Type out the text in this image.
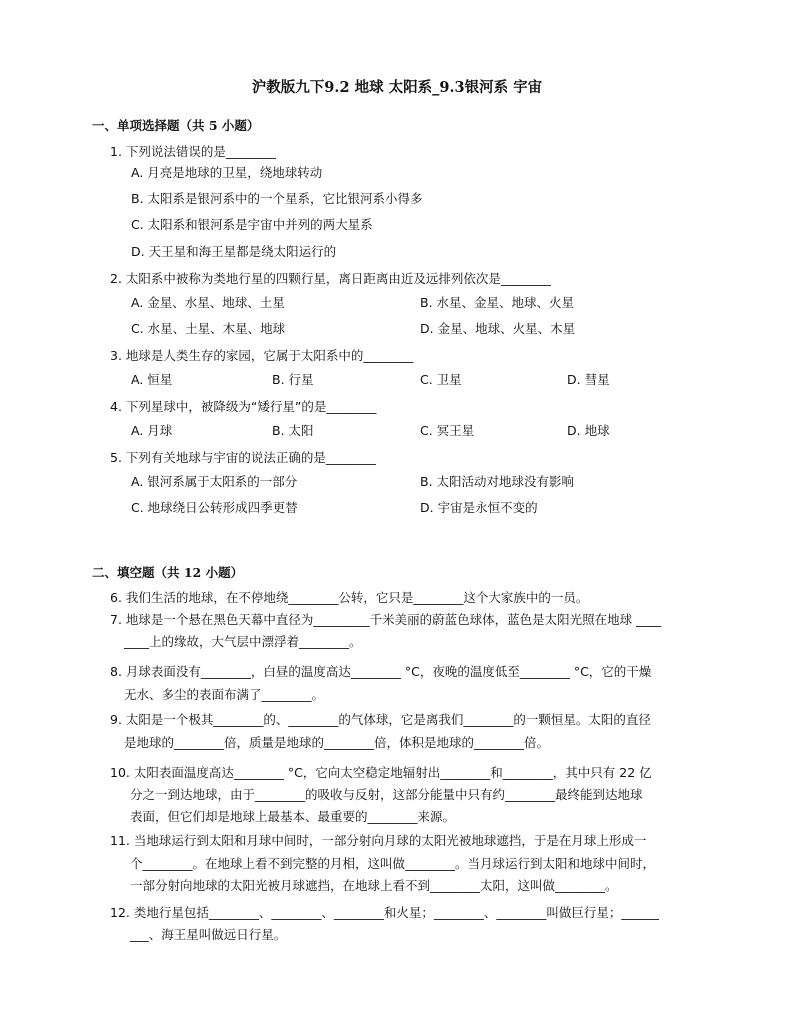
沪教版九下9.2 地球 太阳系_9.3银河系 宇宙
一、单项选择题（共 5 小题）
1. 下列说法错误的是________
A. 月亮是地球的卫星，绕地球转动
B. 太阳系是银河系中的一个星系，它比银河系小得多
C. 太阳系和银河系是宇宙中并列的两大星系
D. 天王星和海王星都是绕太阳运行的
2. 太阳系中被称为类地行星的四颗行星，离日距离由近及远排列依次是________
A. 金星、水星、地球、土星	B. 水星、金星、地球、火星
C. 水星、土星、木星、地球	D. 金星、地球、火星、木星
3. 地球是人类生存的家园，它属于太阳系中的________
A. 恒星	B. 行星	C. 卫星	D. 彗星
4. 下列星球中，被降级为“矮行星”的是________
A. 月球	B. 太阳	C. 冥王星	D. 地球
5. 下列有关地球与宇宙的说法正确的是________
A. 银河系属于太阳系的一部分	B. 太阳活动对地球没有影响
C. 地球绕日公转形成四季更替	D. 宇宙是永恒不变的
二、填空题（共 12 小题）
6. 我们生活的地球，在不停地绕________公转，它只是________这个大家族中的一员。
7. 地球是一个悬在黑色天幕中直径为_________千米美丽的蔚蓝色球体，蓝色是太阳光照在地球 ____
____上的缘故，大气层中漂浮着________。
8. 月球表面没有________，白昼的温度高达________ °C，夜晚的温度低至________ °C，它的干燥
无水、多尘的表面布满了________。
9. 太阳是一个极其________的、________的气体球，它是离我们________的一颗恒星。太阳的直径
是地球的________倍，质量是地球的________倍，体积是地球的________倍。
10. 太阳表面温度高达________ °C，它向太空稳定地辐射出________和________，其中只有 22 亿
分之一到达地球，由于________的吸收与反射，这部分能量中只有约________最终能到达地球
表面，但它们却是地球上最基本、最重要的________来源。
11. 当地球运行到太阳和月球中间时，一部分射向月球的太阳光被地球遮挡，于是在月球上形成一
个________。在地球上看不到完整的月相，这叫做________。当月球运行到太阳和地球中间时，
一部分射向地球的太阳光被月球遮挡，在地球上看不到________太阳，这叫做________。
12. 类地行星包括________、________、________和火星；________、________叫做巨行星；______
___、海王星叫做远日行星。
